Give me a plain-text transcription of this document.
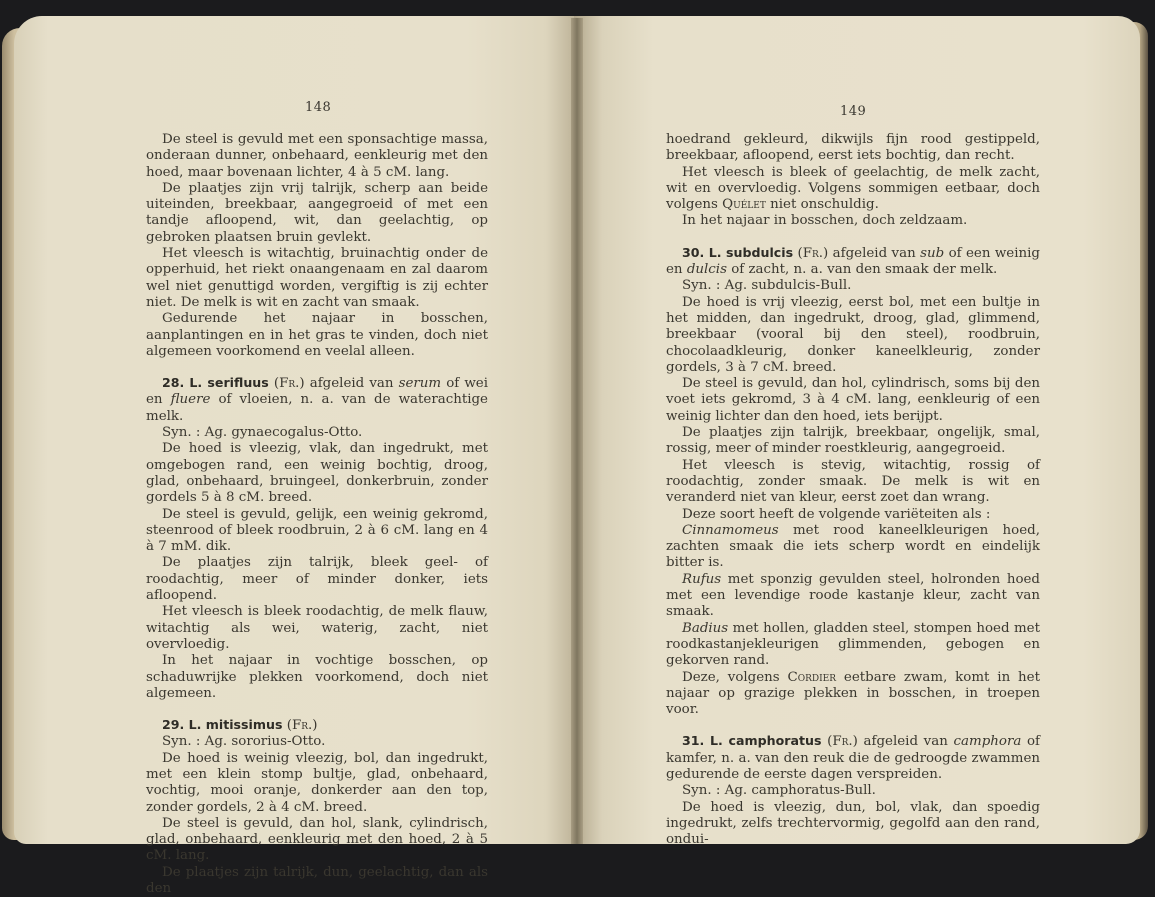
148

De steel is gevuld met een sponsachtige massa, onderaan dunner, onbehaard, eenkleurig met den hoed, maar bovenaan lichter, 4 à 5 cM. lang.

De plaatjes zijn vrij talrijk, scherp aan beide uiteinden, breekbaar, aangegroeid of met een tandje afloopend, wit, dan geelachtig, op gebroken plaatsen bruin gevlekt.

Het vleesch is witachtig, bruinachtig onder de opperhuid, het riekt onaangenaam en zal daarom wel niet genuttigd worden, vergiftig is zij echter niet. De melk is wit en zacht van smaak.

Gedurende het najaar in bosschen, aanplantingen en in het gras te vinden, doch niet algemeen voorkomend en veelal alleen.

28. L. serifluus (Fr.) afgeleid van serum of wei en fluere of vloeien, n. a. van de waterachtige melk.

Syn. : Ag. gynaecogalus-Otto.

De hoed is vleezig, vlak, dan ingedrukt, met omgebogen rand, een weinig bochtig, droog, glad, onbehaard, bruingeel, donkerbruin, zonder gordels 5 à 8 cM. breed.

De steel is gevuld, gelijk, een weinig gekromd, steenrood of bleek roodbruin, 2 à 6 cM. lang en 4 à 7 mM. dik.

De plaatjes zijn talrijk, bleek geel- of roodachtig, meer of minder donker, iets afloopend.

Het vleesch is bleek roodachtig, de melk flauw, witachtig als wei, waterig, zacht, niet overvloedig.

In het najaar in vochtige bosschen, op schaduwrijke plekken voorkomend, doch niet algemeen.

29. L. mitissimus (Fr.)

Syn. : Ag. sororius-Otto.

De hoed is weinig vleezig, bol, dan ingedrukt, met een klein stomp bultje, glad, onbehaard, vochtig, mooi oranje, donkerder aan den top, zonder gordels, 2 à 4 cM. breed.

De steel is gevuld, dan hol, slank, cylindrisch, glad, onbehaard, eenkleurig met den hoed, 2 à 5 cM. lang.

De plaatjes zijn talrijk, dun, geelachtig, dan als den

149

hoedrand gekleurd, dikwijls fijn rood gestippeld, breekbaar, afloopend, eerst iets bochtig, dan recht.

Het vleesch is bleek of geelachtig, de melk zacht, wit en overvloedig. Volgens sommigen eetbaar, doch volgens Quélet niet onschuldig.

In het najaar in bosschen, doch zeldzaam.

30. L. subdulcis (Fr.) afgeleid van sub of een weinig en dulcis of zacht, n. a. van den smaak der melk.

Syn. : Ag. subdulcis-Bull.

De hoed is vrij vleezig, eerst bol, met een bultje in het midden, dan ingedrukt, droog, glad, glimmend, breekbaar (vooral bij den steel), roodbruin, chocolaadkleurig, donker kaneelkleurig, zonder gordels, 3 à 7 cM. breed.

De steel is gevuld, dan hol, cylindrisch, soms bij den voet iets gekromd, 3 à 4 cM. lang, eenkleurig of een weinig lichter dan den hoed, iets berijpt.

De plaatjes zijn talrijk, breekbaar, ongelijk, smal, rossig, meer of minder roestkleurig, aangegroeid.

Het vleesch is stevig, witachtig, rossig of roodachtig, zonder smaak. De melk is wit en veranderd niet van kleur, eerst zoet dan wrang.

Deze soort heeft de volgende variëteiten als :

Cinnamomeus met rood kaneelkleurigen hoed, zachten smaak die iets scherp wordt en eindelijk bitter is.

Rufus met sponzig gevulden steel, holronden hoed met een levendige roode kastanje kleur, zacht van smaak.

Badius met hollen, gladden steel, stompen hoed met roodkastanjekleurigen glimmenden, gebogen en gekorven rand.

Deze, volgens Cordier eetbare zwam, komt in het najaar op grazige plekken in bosschen, in troepen voor.

31. L. camphoratus (Fr.) afgeleid van camphora of kamfer, n. a. van den reuk die de gedroogde zwammen gedurende de eerste dagen verspreiden.

Syn. : Ag. camphoratus-Bull.

De hoed is vleezig, dun, bol, vlak, dan spoedig ingedrukt, zelfs trechtervormig, gegolfd aan den rand, ondui-
